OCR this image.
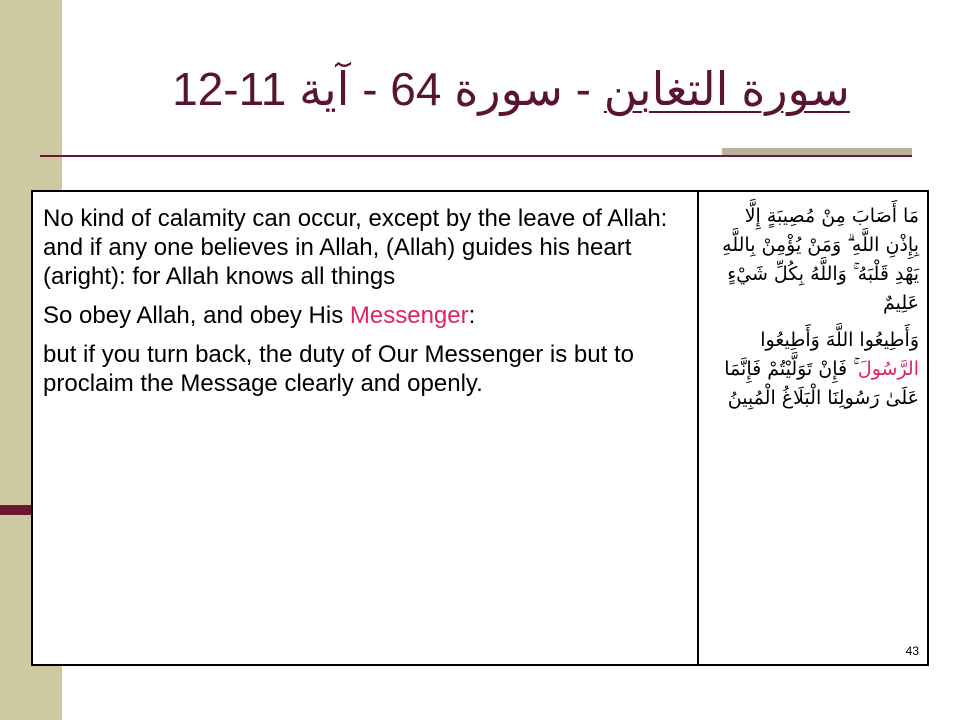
سورة التغابن - سورة 64 - آية 11-12

No kind of calamity can occur, except by the leave of Allah: and if any one believes in Allah, (Allah) guides his heart (aright): for Allah knows all things

So obey Allah, and obey His Messenger:

but if you turn back, the duty of Our Messenger is but to proclaim the Message clearly and openly.

مَا أَصَابَ مِنْ مُصِيبَةٍ إِلَّا بِإِذْنِ اللَّهِ ۗ وَمَنْ يُؤْمِنْ بِاللَّهِ يَهْدِ قَلْبَهُ ۚ وَاللَّهُ بِكُلِّ شَيْءٍ عَلِيمٌ

وَأَطِيعُوا اللَّهَ وَأَطِيعُوا الرَّسُولَ ۚ فَإِنْ تَوَلَّيْتُمْ فَإِنَّمَا عَلَىٰ رَسُولِنَا الْبَلَاغُ الْمُبِينُ

43
